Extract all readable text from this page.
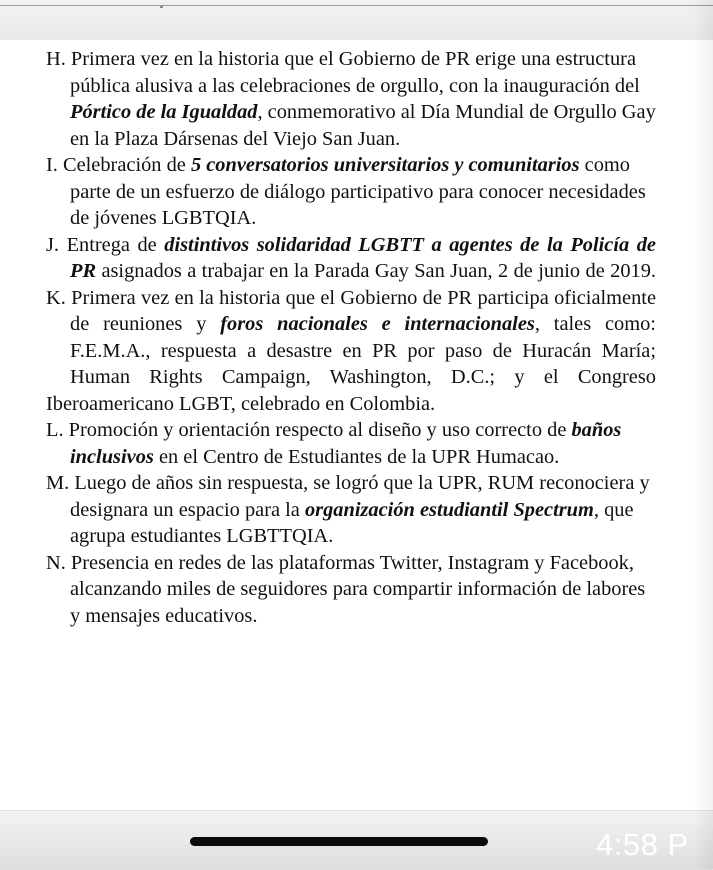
H. Primera vez en la historia que el Gobierno de PR erige una estructura pública alusiva a las celebraciones de orgullo, con la inauguración del Pórtico de la Igualdad, conmemorativo al Día Mundial de Orgullo Gay en la Plaza Dársenas del Viejo San Juan.
I. Celebración de 5 conversatorios universitarios y comunitarios como parte de un esfuerzo de diálogo participativo para conocer necesidades de jóvenes LGBTQIA.
J. Entrega de distintivos solidaridad LGBTT a agentes de la Policía de PR asignados a trabajar en la Parada Gay San Juan, 2 de junio de 2019.
K. Primera vez en la historia que el Gobierno de PR participa oficialmente de reuniones y foros nacionales e internacionales, tales como: F.E.M.A., respuesta a desastre en PR por paso de Huracán María; Human Rights Campaign, Washington, D.C.; y el Congreso
Iberoamericano LGBT, celebrado en Colombia.
L. Promoción y orientación respecto al diseño y uso correcto de baños inclusivos en el Centro de Estudiantes de la UPR Humacao.
M. Luego de años sin respuesta, se logró que la UPR, RUM reconociera y designara un espacio para la organización estudiantil Spectrum, que agrupa estudiantes LGBTTQIA.
N. Presencia en redes de las plataformas Twitter, Instagram y Facebook, alcanzando miles de seguidores para compartir información de labores y mensajes educativos.
4:58 P
